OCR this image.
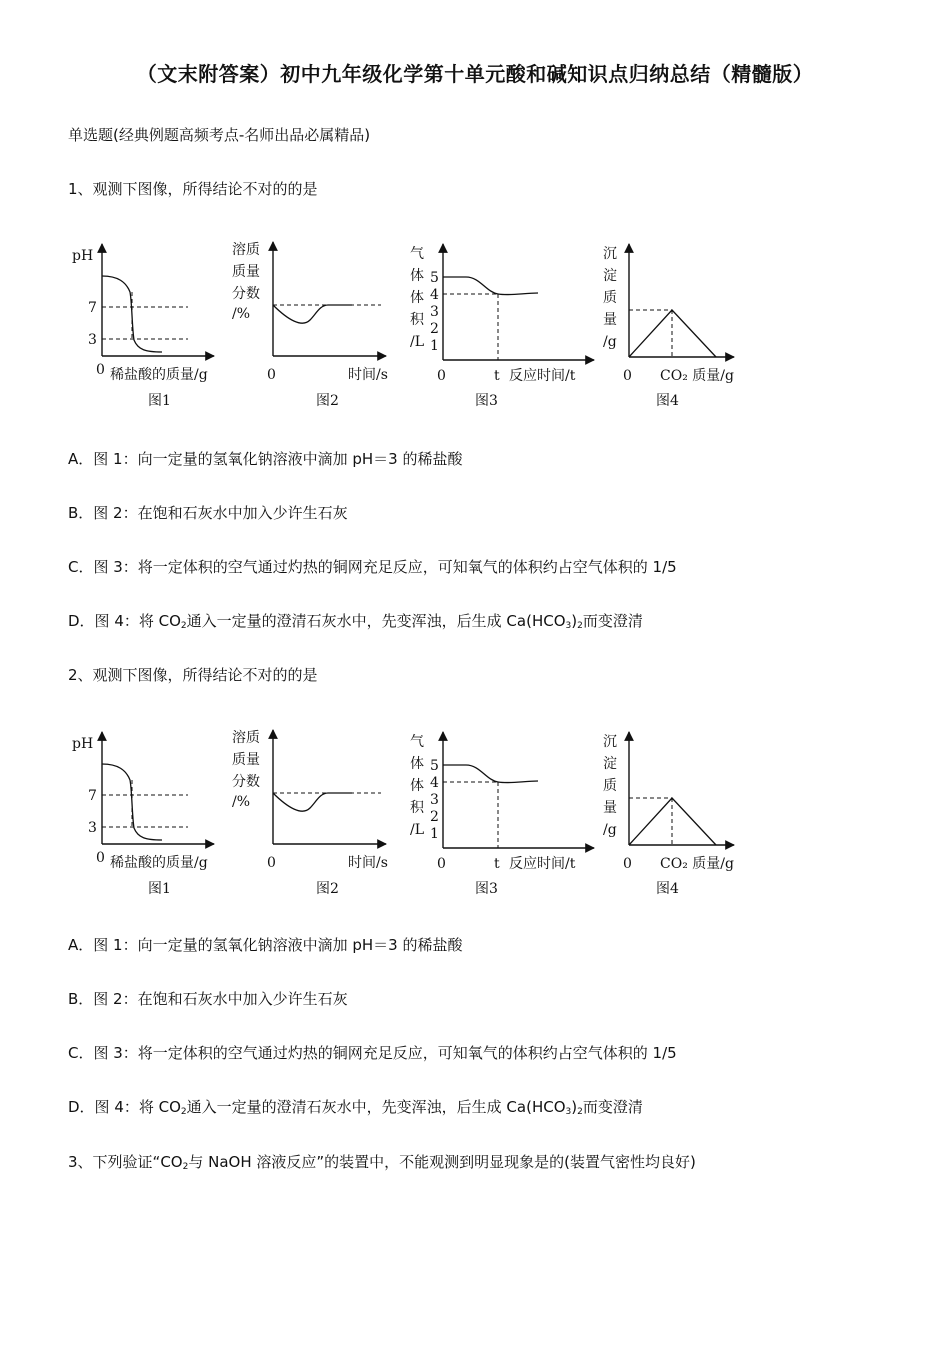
（文末附答案）初中九年级化学第十单元酸和碱知识点归纳总结（精髓版）
单选题(经典例题高频考点-名师出品必属精品)
1、观测下图像，所得结论不对的的是
pH
7
3
0 稀盐酸的质量/g
图1
溶质
质量
分数
/%
0	时间/s
图2
气
体
体
积
/L
5
4
3
2
1
0	t 反应时间/t
图3
沉
淀
质
量
/g
0 CO₂ 质量/g
图4
A．图 1：向一定量的氢氧化钠溶液中滴加 pH＝3 的稀盐酸
B．图 2：在饱和石灰水中加入少许生石灰
C．图 3：将一定体积的空气通过灼热的铜网充足反应，可知氧气的体积约占空气体积的 1/5
D．图 4：将 $CO_2$通入一定量的澄清石灰水中，先变浑浊，后生成 $Ca(HCO_3)_2$而变澄清
2、观测下图像，所得结论不对的的是
pH
7
3
0 稀盐酸的质量/g
图1
溶质
质量
分数
/%
0	时间/s
图2
气
体
体
积
/L
5
4
3
2
1
0	t 反应时间/t
图3
沉
淀
质
量
/g
0 CO₂ 质量/g
图4
A．图 1：向一定量的氢氧化钠溶液中滴加 pH＝3 的稀盐酸
B．图 2：在饱和石灰水中加入少许生石灰
C．图 3：将一定体积的空气通过灼热的铜网充足反应，可知氧气的体积约占空气体积的 1/5
D．图 4：将 $CO_2$通入一定量的澄清石灰水中，先变浑浊，后生成 $Ca(HCO_3)_2$而变澄清
3、下列验证“$CO_2$与 NaOH 溶液反应”的装置中，不能观测到明显现象是的(装置气密性均良好)
